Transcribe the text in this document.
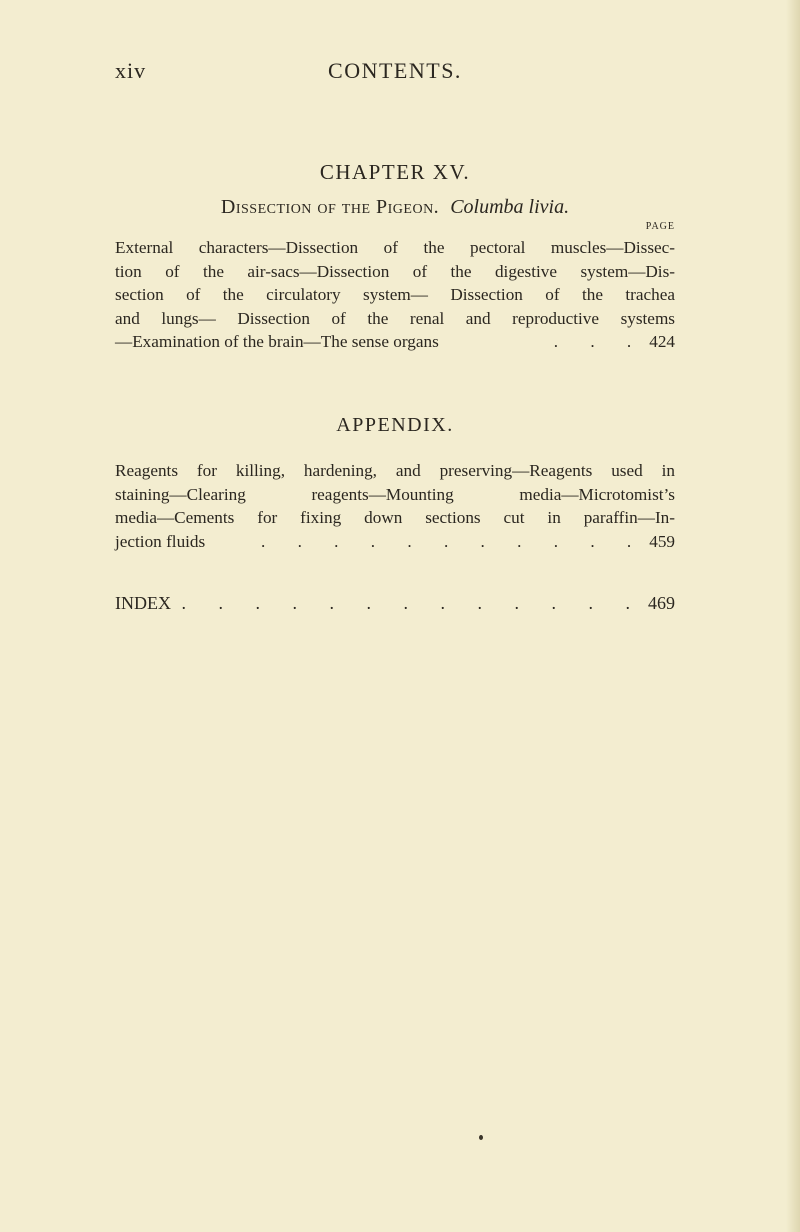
xiv	CONTENTS.
CHAPTER XV.
Dissection of the Pigeon. Columba livia.
PAGE
External characters—Dissection of the pectoral muscles—Dissec-
tion of the air-sacs—Dissection of the digestive system—Dis-
section of the circulatory system— Dissection of the trachea
and lungs— Dissection of the renal and reproductive systems
—Examination of the brain—The sense organs	. . . 424
APPENDIX.
Reagents for killing, hardening, and preserving—Reagents used in
staining—Clearing reagents—Mounting media—Microtomist’s
media—Cements for fixing down sections cut in paraffin—In-
jection fluids	. . . . . . . . . . . 459
INDEX . . . . . . . . . . . . . 469
